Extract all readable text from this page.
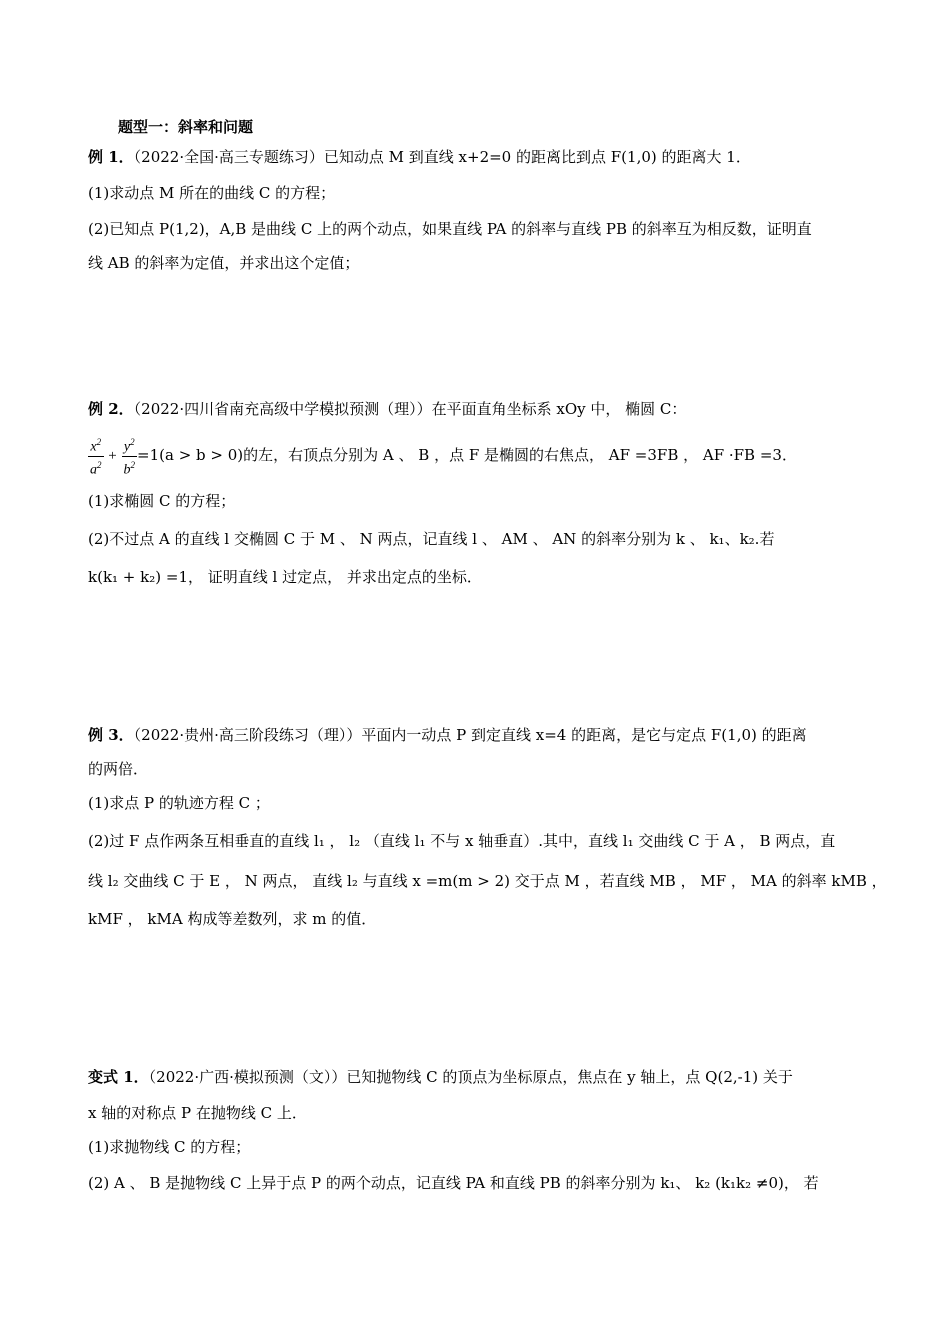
题型一：斜率和问题
例 1．（2022·全国·高三专题练习）已知动点 M 到直线 x+2=0 的距离比到点 F(1,0) 的距离大 1．
(1)求动点 M 所在的曲线 C 的方程；
(2)已知点 P(1,2)，A,B 是曲线 C 上的两个动点，如果直线 PA 的斜率与直线 PB 的斜率互为相反数，证明直
线 AB 的斜率为定值，并求出这个定值；
例 2．（2022·四川省南充高级中学模拟预测（理））在平面直角坐标系 xOy 中， 椭圆 C：
$\frac{x^2}{a^2} + \frac{y^2}{b^2} =1(a > b > 0)$的左，右顶点分别为 A 、 B ，点 F 是椭圆的右焦点， AF =3FB ， AF ·FB =3．
(1)求椭圆 C 的方程；
(2)不过点 A 的直线 l 交椭圆 C 于 M 、 N 两点，记直线 l 、 AM 、 AN 的斜率分别为 k 、 k₁、k₂.若
k(k₁ + k₂) =1， 证明直线 l 过定点， 并求出定点的坐标．
例 3．（2022·贵州·高三阶段练习（理））平面内一动点 P 到定直线 x=4 的距离，是它与定点 F(1,0) 的距离
的两倍．
(1)求点 P 的轨迹方程 C ；
(2)过 F 点作两条互相垂直的直线 l₁ ， l₂ （直线 l₁ 不与 x 轴垂直）.其中，直线 l₁ 交曲线 C 于 A ， B 两点，直
线 l₂ 交曲线 C 于 E ， N 两点， 直线 l₂ 与直线 x =m(m > 2) 交于点 M ，若直线 MB ， MF ， MA 的斜率 kMB ，
kMF ， kMA 构成等差数列，求 m 的值．
变式 1．（2022·广西·模拟预测（文））已知抛物线 C 的顶点为坐标原点，焦点在 y 轴上，点 Q(2,-1) 关于
x 轴的对称点 P 在抛物线 C 上．
(1)求抛物线 C 的方程；
(2) A 、 B 是抛物线 C 上异于点 P 的两个动点，记直线 PA 和直线 PB 的斜率分别为 k₁、 k₂ (k₁k₂ ≠0)， 若
